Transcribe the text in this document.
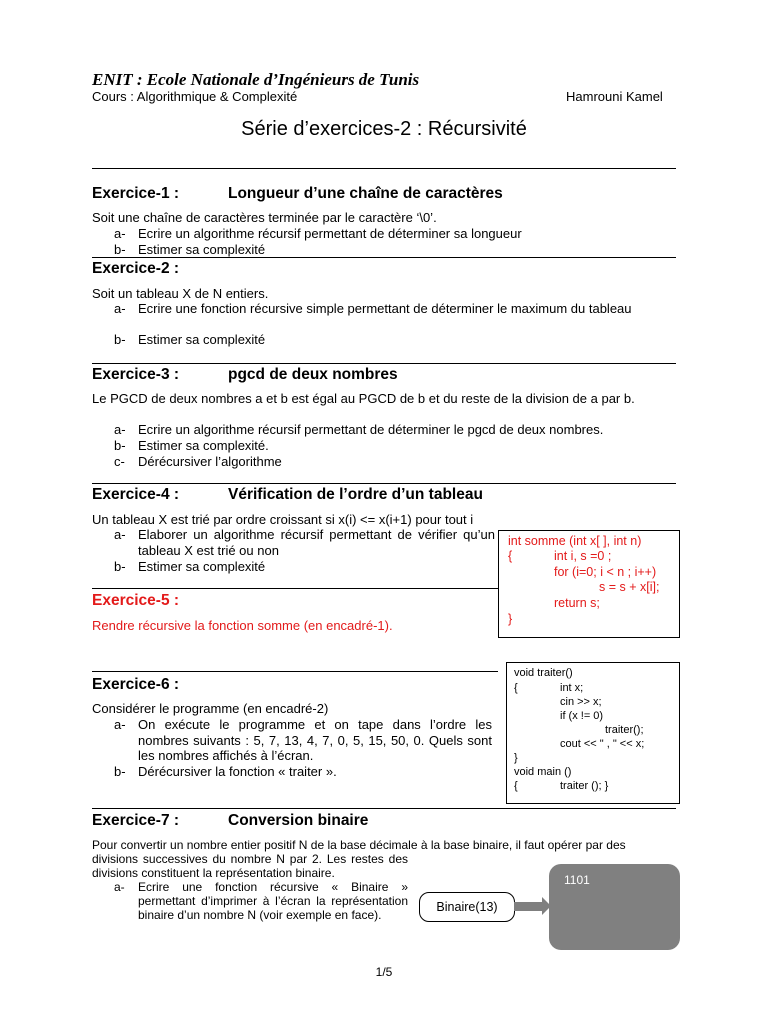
ENIT : Ecole Nationale d’Ingénieurs de Tunis
Cours : Algorithmique & Complexité	Hamrouni Kamel
Série d’exercices-2 : Récursivité
Exercice-1 :	Longueur d’une chaîne de caractères
Soit une chaîne de caractères terminée par le caractère ‘\0’.
a- Ecrire un algorithme récursif permettant de déterminer sa longueur
b- Estimer sa complexité
Exercice-2 :
Soit un tableau X de N entiers.
a- Ecrire une fonction récursive simple permettant de déterminer le maximum du tableau
b- Estimer sa complexité
Exercice-3 :	pgcd de deux nombres
Le PGCD de deux nombres a et b est égal au PGCD de b et du reste de la division de a par b.
a- Ecrire un algorithme récursif permettant de déterminer le pgcd de deux nombres.
b- Estimer sa complexité.
c- Dérécursiver l’algorithme
Exercice-4 :	Vérification de l’ordre d’un tableau
Un tableau X est trié par ordre croissant si x(i) <= x(i+1) pour tout i
a- Elaborer un algorithme récursif permettant de vérifier qu’un tableau X est trié ou non
b- Estimer sa complexité
int somme (int x[ ], int n)
{	int i, s =0 ;
for (i=0; i < n ; i++)
s = s + x[i];
return s;
}
Exercice-5 :
Rendre récursive la fonction somme (en encadré-1).
void traiter()
{	int x;
cin >> x;
if (x != 0)
traiter();
cout << " , " << x;
}
void main ()
{	traiter (); }
Exercice-6 :
Considérer le programme (en encadré-2)
a- On exécute le programme et on tape dans l’ordre les nombres suivants : 5, 7, 13, 4, 7, 0, 5, 15, 50, 0. Quels sont les nombres affichés à l’écran.
b- Dérécursiver la fonction « traiter ».
Exercice-7 :	Conversion binaire
Pour convertir un nombre entier positif N de la base décimale à la base binaire, il faut opérer par des
divisions successives du nombre N par 2. Les restes des divisions constituent la représentation binaire.
a- Ecrire une fonction récursive « Binaire » permettant d’imprimer à l’écran la représentation binaire d’un nombre N (voir exemple en face).
Binaire(13)
1101
1/5
